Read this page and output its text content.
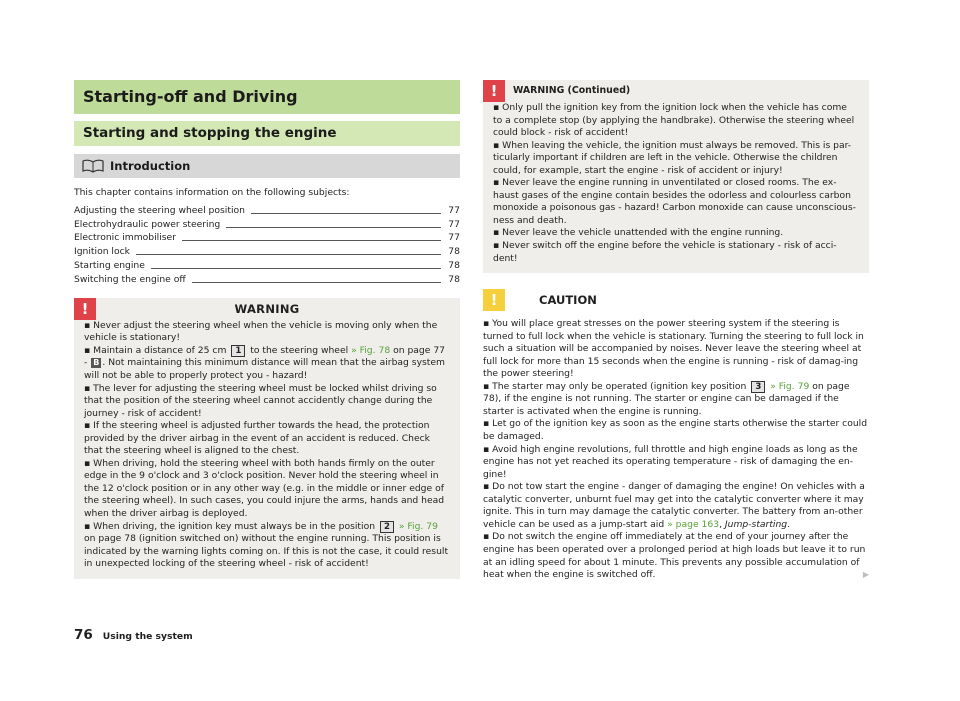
Starting-off and Driving
Starting and stopping the engine
Introduction
This chapter contains information on the following subjects:
Adjusting the steering wheel position	77
Electrohydraulic power steering	77
Electronic immobiliser	77
Ignition lock	78
Starting engine	78
Switching the engine off	78
!	WARNING

▪ Never adjust the steering wheel when the vehicle is moving only when the vehicle is stationary!

▪ Maintain a distance of 25 cm 1 to the steering wheel » Fig. 78 on page 77
- B . Not maintaining this minimum distance will mean that the airbag system will not be able to properly protect you - hazard!

▪ The lever for adjusting the steering wheel must be locked whilst driving so that the position of the steering wheel cannot accidently change during the journey - risk of accident!

▪ If the steering wheel is adjusted further towards the head, the protection provided by the driver airbag in the event of an accident is reduced. Check that the steering wheel is aligned to the chest.

▪ When driving, hold the steering wheel with both hands firmly on the outer edge in the 9 o'clock and 3 o'clock position. Never hold the steering wheel in the 12 o'clock position or in any other way (e.g. in the middle or inner edge of the steering wheel). In such cases, you could injure the arms, hands and head when the driver airbag is deployed.

▪ When driving, the ignition key must always be in the position 2 » Fig. 79 on page 78 (ignition switched on) without the engine running. This position is indicated by the warning lights coming on. If this is not the case, it could result in unexpected locking of the steering wheel - risk of accident!

!	WARNING (Continued)

▪ Only pull the ignition key from the ignition lock when the vehicle has come to a complete stop (by applying the handbrake). Otherwise the steering wheel could block - risk of accident!

▪ When leaving the vehicle, the ignition must always be removed. This is par-ticularly important if children are left in the vehicle. Otherwise the children could, for example, start the engine - risk of accident or injury!

▪ Never leave the engine running in unventilated or closed rooms. The ex-haust gases of the engine contain besides the odorless and colourless carbon monoxide a poisonous gas - hazard! Carbon monoxide can cause unconscious-ness and death.

▪ Never leave the vehicle unattended with the engine running.

▪ Never switch off the engine before the vehicle is stationary - risk of acci-dent!

!	CAUTION

▪ You will place great stresses on the power steering system if the steering is turned to full lock when the vehicle is stationary. Turning the steering to full lock in such a situation will be accompanied by noises. Never leave the steering wheel at full lock for more than 15 seconds when the engine is running - risk of damag-ing the power steering!

▪ The starter may only be operated (ignition key position 3 » Fig. 79 on page 78), if the engine is not running. The starter or engine can be damaged if the starter is activated when the engine is running.

▪ Let go of the ignition key as soon as the engine starts otherwise the starter could be damaged.

▪ Avoid high engine revolutions, full throttle and high engine loads as long as the engine has not yet reached its operating temperature - risk of damaging the en-gine!

▪ Do not tow start the engine - danger of damaging the engine! On vehicles with a catalytic converter, unburnt fuel may get into the catalytic converter where it may ignite. This in turn may damage the catalytic converter. The battery from an-other vehicle can be used as a jump-start aid » page 163, Jump-starting.

▪ Do not switch the engine off immediately at the end of your journey after the engine has been operated over a prolonged period at high loads but leave it to run at an idling speed for about 1 minute. This prevents any possible accumulation of heat when the engine is switched off.	▶

76 Using the system
